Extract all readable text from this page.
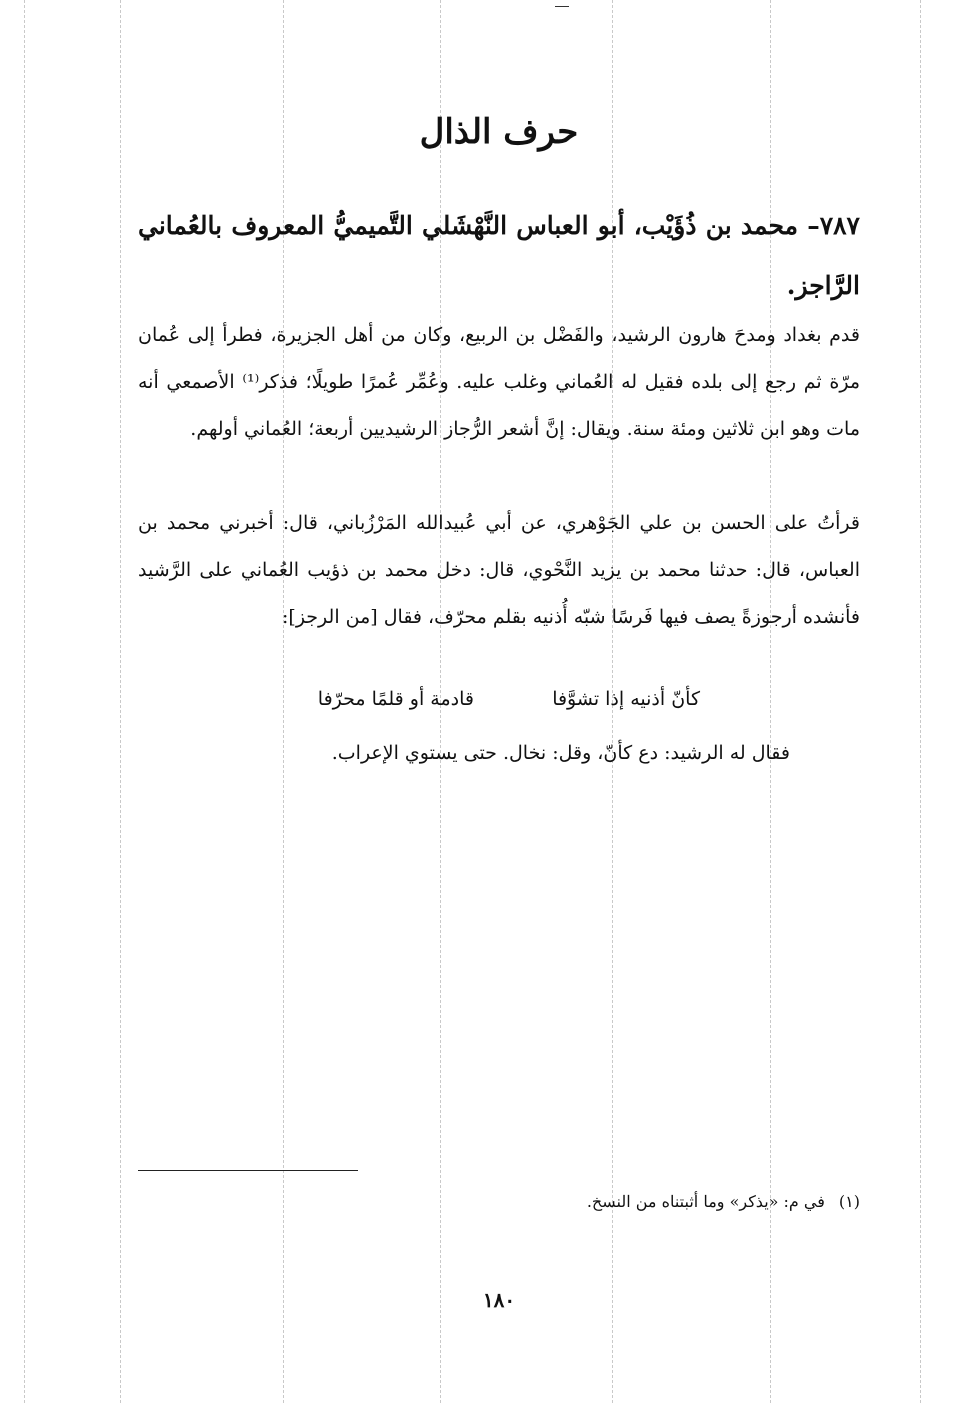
حرف الذال

٧٨٧– محمد بن ذُؤَيْب، أبو العباس النَّهْشَلي التَّميميُّ المعروف بالعُماني الرَّاجز.

قدم بغداد ومدحَ هارون الرشيد، والفَضْل بن الربيع، وكان من أهل الجزيرة، فطرأ إلى عُمان مرّة ثم رجع إلى بلده فقيل له العُماني وغلب عليه. وعُمِّر عُمرًا طويلًا؛ فذكر⁽¹⁾ الأصمعي أنه مات وهو ابن ثلاثين ومئة سنة. ويقال: إنَّ أشعر الرُّجاز الرشيديين أربعة؛ العُماني أولهم.

قرأتُ على الحسن بن علي الجَوْهري، عن أبي عُبيدالله المَرْزُباني، قال: أخبرني محمد بن العباس، قال: حدثنا محمد بن يزيد النَّحْوي، قال: دخل محمد بن ذؤيب العُماني على الرَّشيد فأنشده أرجوزةً يصف فيها فَرسًا شبّه أُذنيه بقلم محرّف، فقال [من الرجز]:

كأنّ أذنيه إذا تشوَّفا
قادمة أو قلمًا محرّفا

فقال له الرشيد: دع كأنّ، وقل: نخال. حتى يستوي الإعراب.

(١)في م: «يذكر» وما أثبتناه من النسخ.

١٨٠
